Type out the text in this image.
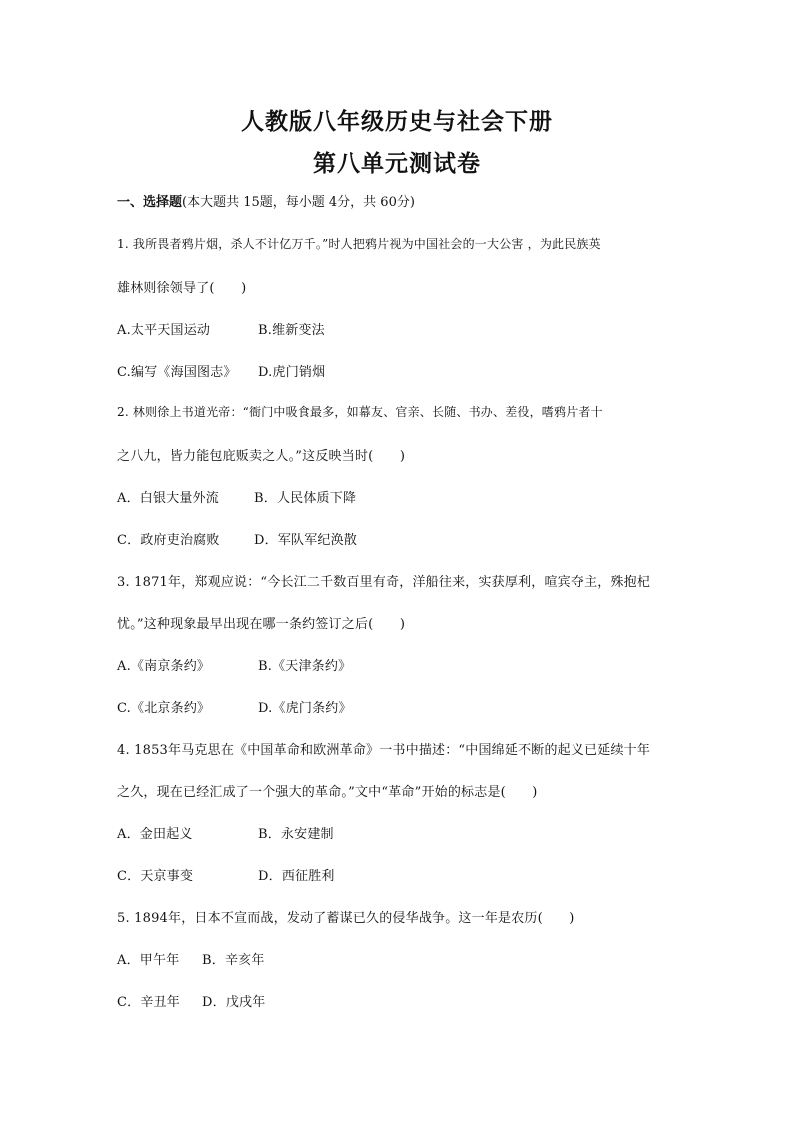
人教版八年级历史与社会下册
第八单元测试卷
一、选择题(本大题共 15题，每小题 4分，共 60分)
1. 我所畏者鸦片烟，杀人不计亿万千。”时人把鸦片视为中国社会的一大公害 ，为此民族英
雄林则徐领导了(　　)
A.太平天国运动	B.维新变法
C.编写《海国图志》 D.虎门销烟
2. 林则徐上书道光帝：“衙门中吸食最多，如幕友、官亲、长随、书办、差役，嗜鸦片者十
之八九，皆力能包庇贩卖之人。”这反映当时(　　)
A．白银大量外流	B．人民体质下降
C．政府吏治腐败	D．军队军纪涣散
3. 1871年，郑观应说：“今长江二千数百里有奇，洋船往来，实获厚利，喧宾夺主，殊抱杞
忧。”这种现象最早出现在哪一条约签订之后(　　)
A.《南京条约》	B.《天津条约》
C.《北京条约》	D.《虎门条约》
4. 1853年马克思在《中国革命和欧洲革命》一书中描述：“中国绵延不断的起义已延续十年
之久，现在已经汇成了一个强大的革命。”文中“革命”开始的标志是(　　)
A．金田起义	B．永安建制
C．天京事变	D．西征胜利
5. 1894年，日本不宣而战，发动了蓄谋已久的侵华战争。这一年是农历(　　)
A．甲午年 B．辛亥年
C．辛丑年 D．戊戌年
